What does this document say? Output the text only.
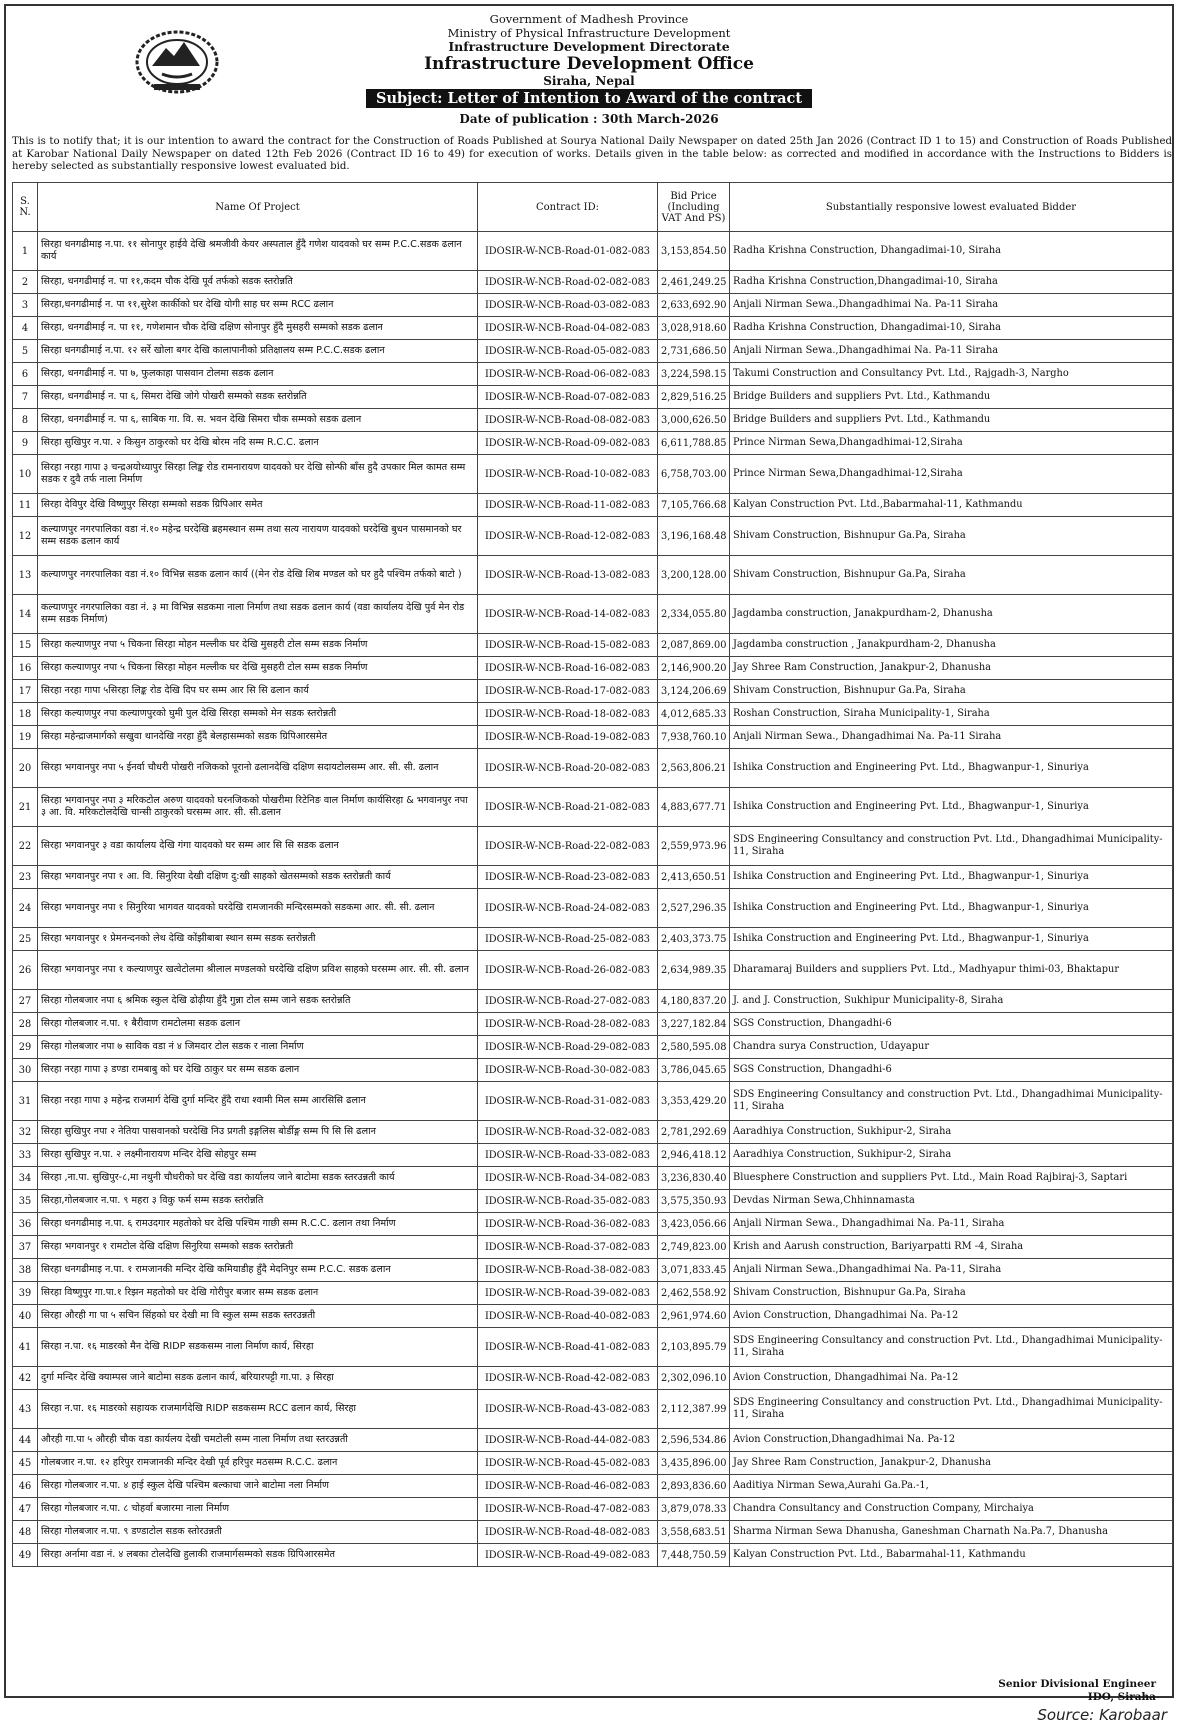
Government of Madhesh Province
Ministry of Physical Infrastructure Development
Infrastructure Development Directorate
Infrastructure Development Office
Siraha, Nepal
Subject: Letter of Intention to Award of the contract
Date of publication : 30th March-2026
This is to notify that; it is our intention to award the contract for the Construction of Roads Published at Sourya National Daily Newspaper on dated 25th Jan 2026 (Contract ID 1 to 15) and Construction of Roads Published at Karobar National Daily Newspaper on dated 12th Feb 2026 (Contract ID 16 to 49) for execution of works. Details given in the table below: as corrected and modified in accordance with the Instructions to Bidders is hereby selected as substantially responsive lowest evaluated bid.
S. N.	Name Of Project	Contract ID:	Bid Price (Including VAT And PS)	Substantially responsive lowest evaluated Bidder
1	सिरहा धनगढीमाइ न.पा. ११ सोनापुर हाईवे देखि श्रमजीवी केयर अस्पताल हुँदै गणेश यादवको घर सम्म P.C.C.सडक ढलान कार्य	IDOSIR-W-NCB-Road-01-082-083	3,153,854.50	Radha Krishna Construction, Dhangadimai-10, Siraha
2	सिरहा, धनगढीमाई न. पा ११,कदम चौक देखि पूर्व तर्फको सडक स्तरोन्नति	IDOSIR-W-NCB-Road-02-082-083	2,461,249.25	Radha Krishna Construction,Dhangadimai-10, Siraha
3	सिरहा,धनगढीमाई न. पा ११,सुरेश कार्कीको घर देखि योगी साह घर सम्म RCC ढलान	IDOSIR-W-NCB-Road-03-082-083	2,633,692.90	Anjali Nirman Sewa.,Dhangadhimai Na. Pa-11 Siraha
4	सिरहा, धनगढीमाई न. पा ११, गणेशमान चौक देखि दक्षिण सोनापुर हुँदै मुसहरी सम्मको सडक ढलान	IDOSIR-W-NCB-Road-04-082-083	3,028,918.60	Radha Krishna Construction, Dhangadimai-10, Siraha
5	सिरहा धनगढीमाई न.पा. १२ सर्रे खोला बगर देखि कालापानीको प्रतिक्षालय सम्म P.C.C.सडक ढलान	IDOSIR-W-NCB-Road-05-082-083	2,731,686.50	Anjali Nirman Sewa.,Dhangadhimai Na. Pa-11 Siraha
6	सिरहा, धनगढीमाई न. पा ७, फुलकाहा पासवान टोलमा सडक ढलान	IDOSIR-W-NCB-Road-06-082-083	3,224,598.15	Takumi Construction and Consultancy Pvt. Ltd., Rajgadh-3, Nargho
7	सिरहा, धनगढीमाई न. पा ६, सिमरा देखि जोगे पोखरी सम्मको सडक स्तरोन्नति	IDOSIR-W-NCB-Road-07-082-083	2,829,516.25	Bridge Builders and suppliers Pvt. Ltd., Kathmandu
8	सिरहा, धनगढीमाई न. पा ६, साबिक गा. वि. स. भवन देखि सिमरा चौक सम्मको सडक ढलान	IDOSIR-W-NCB-Road-08-082-083	3,000,626.50	Bridge Builders and suppliers Pvt. Ltd., Kathmandu
9	सिरहा सुखिपुर न.पा. २ किसुन ठाकुरको घर देखि बोरम नदि सम्म R.C.C. ढलान	IDOSIR-W-NCB-Road-09-082-083	6,611,788.85	Prince Nirman Sewa,Dhangadhimai-12,Siraha
10	सिरहा नरहा गापा ३ चन्द्रअयोध्यापुर सिरहा लिङ्क रोड रामनारायण यादवको घर देखि सोन्फी बाँस हुदै उपकार मिल कामत सम्म सडक र दुवै तर्फ नाला निर्माण	IDOSIR-W-NCB-Road-10-082-083	6,758,703.00	Prince Nirman Sewa,Dhangadhimai-12,Siraha
11	सिरहा देविपुर देखि विष्णुपुर सिरहा सम्मको सडक ग्रिपिआर समेत	IDOSIR-W-NCB-Road-11-082-083	7,105,766.68	Kalyan Construction Pvt. Ltd.,Babarmahal-11, Kathmandu
12	कल्याणपुर नगरपालिका वडा नं.१० महेन्द्र घरदेखि ब्रहमस्थान सम्म तथा सत्य नारायण यादवको घरदेखि बुधन पासमानको घर सम्म सडक ढलान कार्य	IDOSIR-W-NCB-Road-12-082-083	3,196,168.48	Shivam Construction, Bishnupur Ga.Pa, Siraha
13	कल्याणपुर नगरपालिका वडा नं.१० विभिन्न सडक ढलान कार्य ((मेन रोड देखि शिब मण्डल को घर हुदै पश्चिम तर्फको बाटो )	IDOSIR-W-NCB-Road-13-082-083	3,200,128.00	Shivam Construction, Bishnupur Ga.Pa, Siraha
14	कल्याणपुर नगरपालिका वडा नं. ३ मा विभिन्न सडकमा नाला निर्माण तथा सडक ढलान कार्य (वडा कार्यालय देखि पुर्व मेन रोड सम्म सडक निर्माण)	IDOSIR-W-NCB-Road-14-082-083	2,334,055.80	Jagdamba construction, Janakpurdham-2, Dhanusha
15	सिरहा कल्याणपुर नपा ५ चिकना सिरहा मोहन मल्लीक घर देखि मुसहरी टोल सम्म सडक निर्माण	IDOSIR-W-NCB-Road-15-082-083	2,087,869.00	Jagdamba construction , Janakpurdham-2, Dhanusha
16	सिरहा कल्याणपुर नपा ५ चिकना सिरहा मोहन मल्लीक घर देखि मुसहरी टोल सम्म सडक निर्माण	IDOSIR-W-NCB-Road-16-082-083	2,146,900.20	Jay Shree Ram Construction, Janakpur-2, Dhanusha
17	सिरहा नरहा गापा ५सिरहा लिङ्क रोड देखि दिप घर सम्म आर सि सि ढलान कार्य	IDOSIR-W-NCB-Road-17-082-083	3,124,206.69	Shivam Construction, Bishnupur Ga.Pa, Siraha
18	सिरहा कल्याणपुर नपा कल्याणपुरको घुमी पुल देखि सिरहा सम्मको मेन सडक स्तरोन्नती	IDOSIR-W-NCB-Road-18-082-083	4,012,685.33	Roshan Construction, Siraha Municipality-1, Siraha
19	सिरहा महेन्द्राजमार्गको सखुवा थानदेखि नरहा हुँदै बेलहासम्मको सडक ग्रिपिआरसमेत	IDOSIR-W-NCB-Road-19-082-083	7,938,760.10	Anjali Nirman Sewa., Dhangadhimai Na. Pa-11 Siraha
20	सिरहा भगवानपुर नपा ५ ईनर्वा चौधरी पोखरी नजिकको पूरानो ढलानदेखि दक्षिण सदायटोलसम्म आर. सी. सी. ढलान	IDOSIR-W-NCB-Road-20-082-083	2,563,806.21	Ishika Construction and Engineering Pvt. Ltd., Bhagwanpur-1, Sinuriya
21	सिरहा भगवानपुर नपा ३ मरिकटोल अरुण यादवको घरनजिकको पोखरीमा रिटेनिङ वाल निर्माण कार्यसिरहा & भगवानपुर नपा ३ आ. वि. मरिकटोलदेखि चान्सी ठाकुरको घरसम्म आर. सी. सी.ढलान	IDOSIR-W-NCB-Road-21-082-083	4,883,677.71	Ishika Construction and Engineering Pvt. Ltd., Bhagwanpur-1, Sinuriya
22	सिरहा भगवानपुर ३ वडा कार्यालय देखि गंगा यादवको घर सम्म आर सि सि सडक ढलान	IDOSIR-W-NCB-Road-22-082-083	2,559,973.96	SDS Engineering Consultancy and construction Pvt. Ltd., Dhangadhimai Municipality-11, Siraha
23	सिरहा भगवानपुर नपा १ आ. वि. सिनुरिया देखी दक्षिण दु:खी साहको खेतसम्मको सडक स्तरोन्नती कार्य	IDOSIR-W-NCB-Road-23-082-083	2,413,650.51	Ishika Construction and Engineering Pvt. Ltd., Bhagwanpur-1, Sinuriya
24	सिरहा भगवानपुर नपा १ सिनुरिया भागवत यादवको घरदेखि रामजानकी मन्दिरसम्मको सडकमा आर. सी. सी. ढलान	IDOSIR-W-NCB-Road-24-082-083	2,527,296.35	Ishika Construction and Engineering Pvt. Ltd., Bhagwanpur-1, Sinuriya
25	सिरहा भगवानपुर १ प्रेमनन्दनको लेथ देखि कोंझीबाबा स्थान सम्म सडक स्तरोन्नती	IDOSIR-W-NCB-Road-25-082-083	2,403,373.75	Ishika Construction and Engineering Pvt. Ltd., Bhagwanpur-1, Sinuriya
26	सिरहा भगवानपुर नपा १ कल्याणपुर खत्वेटोलमा श्रीलाल मण्डलको घरदेखि दक्षिण प्रविश साहको घरसम्म आर. सी. सी. ढलान	IDOSIR-W-NCB-Road-26-082-083	2,634,989.35	Dharamaraj Builders and suppliers Pvt. Ltd., Madhyapur thimi-03, Bhaktapur
27	सिरहा गोलबजार नपा ६ श्रमिक स्कुल देखि ढोढ़ीया हुँदै गुन्ना टोल सम्म जाने सडक स्तरोन्नति	IDOSIR-W-NCB-Road-27-082-083	4,180,837.20	J. and J. Construction, Sukhipur Municipality-8, Siraha
28	सिरहा गोलबजार न.पा. १ बैरीवाण रामटोलमा सडक ढलान	IDOSIR-W-NCB-Road-28-082-083	3,227,182.84	SGS Construction, Dhangadhi-6
29	सिरहा गोलबजार नपा ७ साविक वडा नं ४ जिमदार टोल सडक र नाला निर्माण	IDOSIR-W-NCB-Road-29-082-083	2,580,595.08	Chandra surya Construction, Udayapur
30	सिरहा नरहा गापा ३ डण्डा रामबाबु को घर देखि ठाकुर घर सम्म सडक ढलान	IDOSIR-W-NCB-Road-30-082-083	3,786,045.65	SGS Construction, Dhangadhi-6
31	सिरहा नरहा गापा ३ महेन्द्र राजमार्ग देखि दुर्गा मन्दिर हुँदै राधा श्वामी मिल सम्म आरसिसि ढलान	IDOSIR-W-NCB-Road-31-082-083	3,353,429.20	SDS Engineering Consultancy and construction Pvt. Ltd., Dhangadhimai Municipality-11, Siraha
32	सिरहा सुखिपुर नपा २ नेतिया पासवानको घरदेखि निउ प्रगती इङ्गलिस बोर्डीङ्ग सम्म पि सि सि ढलान	IDOSIR-W-NCB-Road-32-082-083	2,781,292.69	Aaradhiya Construction, Sukhipur-2, Siraha
33	सिरहा सुखिपुर न.पा. २ लक्ष्मीनारायण मन्दिर देखि सोहपुर सम्म	IDOSIR-W-NCB-Road-33-082-083	2,946,418.12	Aaradhiya Construction, Sukhipur-2, Siraha
34	सिरहा ,ना.पा. सुखिपुर-८,मा नथुनी चौधरीको घर देखि वडा कार्यालय जाने बाटोमा सडक स्तरउन्नती कार्य	IDOSIR-W-NCB-Road-34-082-083	3,236,830.40	Bluesphere Construction and suppliers Pvt. Ltd., Main Road Rajbiraj-3, Saptari
35	सिरहा,गोलबजार न.पा. ९ महरा ३ विकु फर्म सम्म सडक स्तरोन्नति	IDOSIR-W-NCB-Road-35-082-083	3,575,350.93	Devdas Nirman Sewa,Chhinnamasta
36	सिरहा धनगढीमाइ न.पा. ६ रामउदगार महतोको घर देखि पश्चिम गाछी सम्म R.C.C. ढलान तथा निर्माण	IDOSIR-W-NCB-Road-36-082-083	3,423,056.66	Anjali Nirman Sewa., Dhangadhimai Na. Pa-11, Siraha
37	सिरहा भगवानपुर १ रामटोल देखि दक्षिण सिनुरिया सम्मको सडक स्तरोन्नती	IDOSIR-W-NCB-Road-37-082-083	2,749,823.00	Krish and Aarush construction, Bariyarpatti RM -4, Siraha
38	सिरहा धनगढीमाइ न.पा. १ रामजानकी मन्दिर देखि कमियाडीह हुँदै मेदनिपुर सम्म P.C.C. सडक ढलान	IDOSIR-W-NCB-Road-38-082-083	3,071,833.45	Anjali Nirman Sewa.,Dhangadhimai Na. Pa-11, Siraha
39	सिरहा विष्णुपुर गा.पा.१ रिझन महतोको घर देखि गोरीपुर बजार सम्म सडक ढलान	IDOSIR-W-NCB-Road-39-082-083	2,462,558.92	Shivam Construction, Bishnupur Ga.Pa, Siraha
40	सिरहा औरही गा पा ५ सचिन सिंहको घर देखी मा वि स्कुल सम्म सडक स्तरउन्नती	IDOSIR-W-NCB-Road-40-082-083	2,961,974.60	Avion Construction, Dhangadhimai Na. Pa-12
41	सिरहा न.पा. १६ माडरको मैन देखि RIDP सडकसम्म नाला निर्माण कार्य, सिरहा	IDOSIR-W-NCB-Road-41-082-083	2,103,895.79	SDS Engineering Consultancy and construction Pvt. Ltd., Dhangadhimai Municipality-11, Siraha
42	दुर्गा मन्दिर देखि क्याम्पस जाने बाटोमा सडक ढलान कार्य, बरियारपट्टी गा.पा. ३ सिरहा	IDOSIR-W-NCB-Road-42-082-083	2,302,096.10	Avion Construction, Dhangadhimai Na. Pa-12
43	सिरहा न.पा. १६ माडरको सहायक राजमार्गदेखि RIDP सडकसम्म RCC ढलान कार्य, सिरहा	IDOSIR-W-NCB-Road-43-082-083	2,112,387.99	SDS Engineering Consultancy and construction Pvt. Ltd., Dhangadhimai Municipality-11, Siraha
44	औरही गा.पा ५ औरही चौक वडा कार्यलय देखी चमटोली सम्म नाला निर्माण तथा स्तरउन्नती	IDOSIR-W-NCB-Road-44-082-083	2,596,534.86	Avion Construction,Dhangadhimai Na. Pa-12
45	गोलबजार न.पा. १२ हरिपुर रामजानकी मन्दिर देखी पूर्व हरिपुर मठसम्म R.C.C. ढलान	IDOSIR-W-NCB-Road-45-082-083	3,435,896.00	Jay Shree Ram Construction, Janakpur-2, Dhanusha
46	सिरहा गोलबजार न.पा. ४ हाई स्कुल देखि पश्चिम बल्काचा जाने बाटोमा नला निर्माण	IDOSIR-W-NCB-Road-46-082-083	2,893,836.60	Aaditiya Nirman Sewa,Aurahi Ga.Pa.-1,
47	सिरहा गोलबजार न.पा. ८ चोहर्वा बजारमा नाला निर्माण	IDOSIR-W-NCB-Road-47-082-083	3,879,078.33	Chandra Consultancy and Construction Company, Mirchaiya
48	सिरहा गोलबजार न.पा. ९ डण्डाटोल सडक स्तोरउन्नती	IDOSIR-W-NCB-Road-48-082-083	3,558,683.51	Sharma Nirman Sewa Dhanusha, Ganeshman Charnath Na.Pa.7, Dhanusha
49	सिरहा अर्नामा वडा नं. ४ लबका टोलदेखि हुलाकी राजमार्गसम्मको सडक ग्रिपिआरसमेत	IDOSIR-W-NCB-Road-49-082-083	7,448,750.59	Kalyan Construction Pvt. Ltd., Babarmahal-11, Kathmandu
Senior Divisional Engineer
IDO, Siraha
Source: Karobaar
